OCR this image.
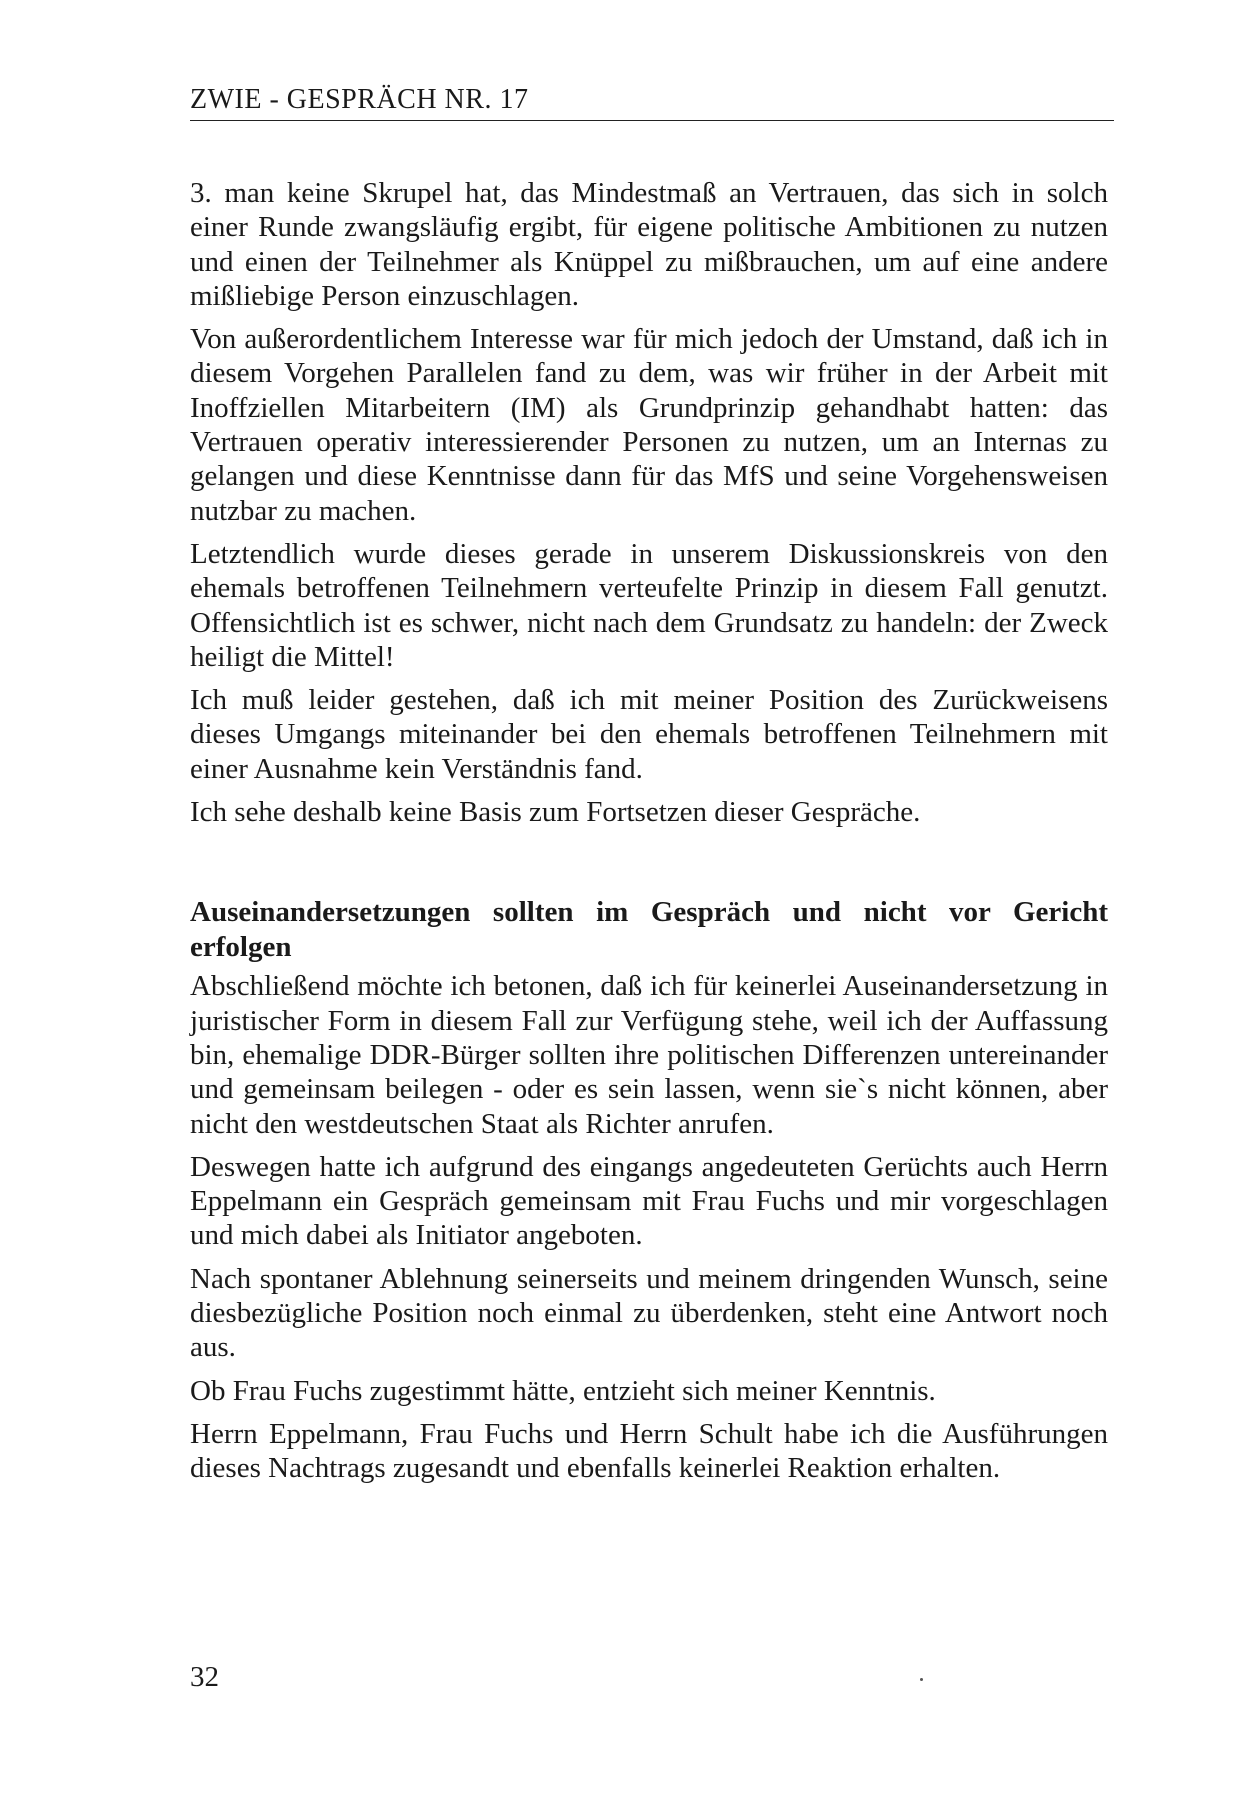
ZWIE - GESPRÄCH NR. 17

3. man keine Skrupel hat, das Mindestmaß an Vertrauen, das sich in solch einer Runde zwangsläufig ergibt, für eigene politische Ambitionen zu nutzen und einen der Teilnehmer als Knüppel zu mißbrauchen, um auf eine andere mißliebige Person einzuschlagen.

Von außerordentlichem Interesse war für mich jedoch der Umstand, daß ich in diesem Vorgehen Parallelen fand zu dem, was wir früher in der Arbeit mit Inoffziellen Mitarbeitern (IM) als Grundprinzip gehandhabt hatten: das Vertrauen operativ interessierender Personen zu nutzen, um an Internas zu gelangen und diese Kenntnisse dann für das MfS und seine Vorgehensweisen nutzbar zu machen.

Letztendlich wurde dieses gerade in unserem Diskussionskreis von den ehemals betroffenen Teilnehmern verteufelte Prinzip in diesem Fall genutzt. Offensichtlich ist es schwer, nicht nach dem Grundsatz zu handeln: der Zweck heiligt die Mittel!

Ich muß leider gestehen, daß ich mit meiner Position des Zurückweisens dieses Umgangs miteinander bei den ehemals betroffenen Teilnehmern mit einer Ausnahme kein Verständnis fand.

Ich sehe deshalb keine Basis zum Fortsetzen dieser Gespräche.

Auseinandersetzungen sollten im Gespräch und nicht vor Gericht erfolgen

Abschließend möchte ich betonen, daß ich für keinerlei Auseinandersetzung in juristischer Form in diesem Fall zur Verfügung stehe, weil ich der Auffassung bin, ehemalige DDR-Bürger sollten ihre politischen Differenzen untereinander und gemeinsam beilegen - oder es sein lassen, wenn sie`s nicht können, aber nicht den westdeutschen Staat als Richter anrufen.

Deswegen hatte ich aufgrund des eingangs angedeuteten Gerüchts auch Herrn Eppelmann ein Gespräch gemeinsam mit Frau Fuchs und mir vorgeschlagen und mich dabei als Initiator angeboten.

Nach spontaner Ablehnung seinerseits und meinem dringenden Wunsch, seine diesbezügliche Position noch einmal zu überdenken, steht eine Antwort noch aus.

Ob Frau Fuchs zugestimmt hätte, entzieht sich meiner Kenntnis.

Herrn Eppelmann, Frau Fuchs und Herrn Schult habe ich die Ausführungen dieses Nachtrags zugesandt und ebenfalls keinerlei Reaktion erhalten.

32
